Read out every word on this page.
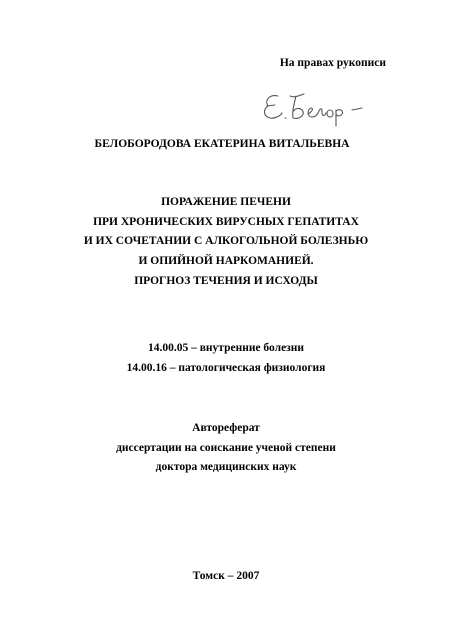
На правах рукописи
БЕЛОБОРОДОВА ЕКАТЕРИНА ВИТАЛЬЕВНА
ПОРАЖЕНИЕ ПЕЧЕНИ
ПРИ ХРОНИЧЕСКИХ ВИРУСНЫХ ГЕПАТИТАХ
И ИХ СОЧЕТАНИИ С АЛКОГОЛЬНОЙ БОЛЕЗНЬЮ
И ОПИЙНОЙ НАРКОМАНИЕЙ.
ПРОГНОЗ ТЕЧЕНИЯ И ИСХОДЫ
14.00.05 – внутренние болезни
14.00.16 – патологическая физиология
Автореферат
диссертации на соискание ученой степени
доктора медицинских наук
Томск – 2007
